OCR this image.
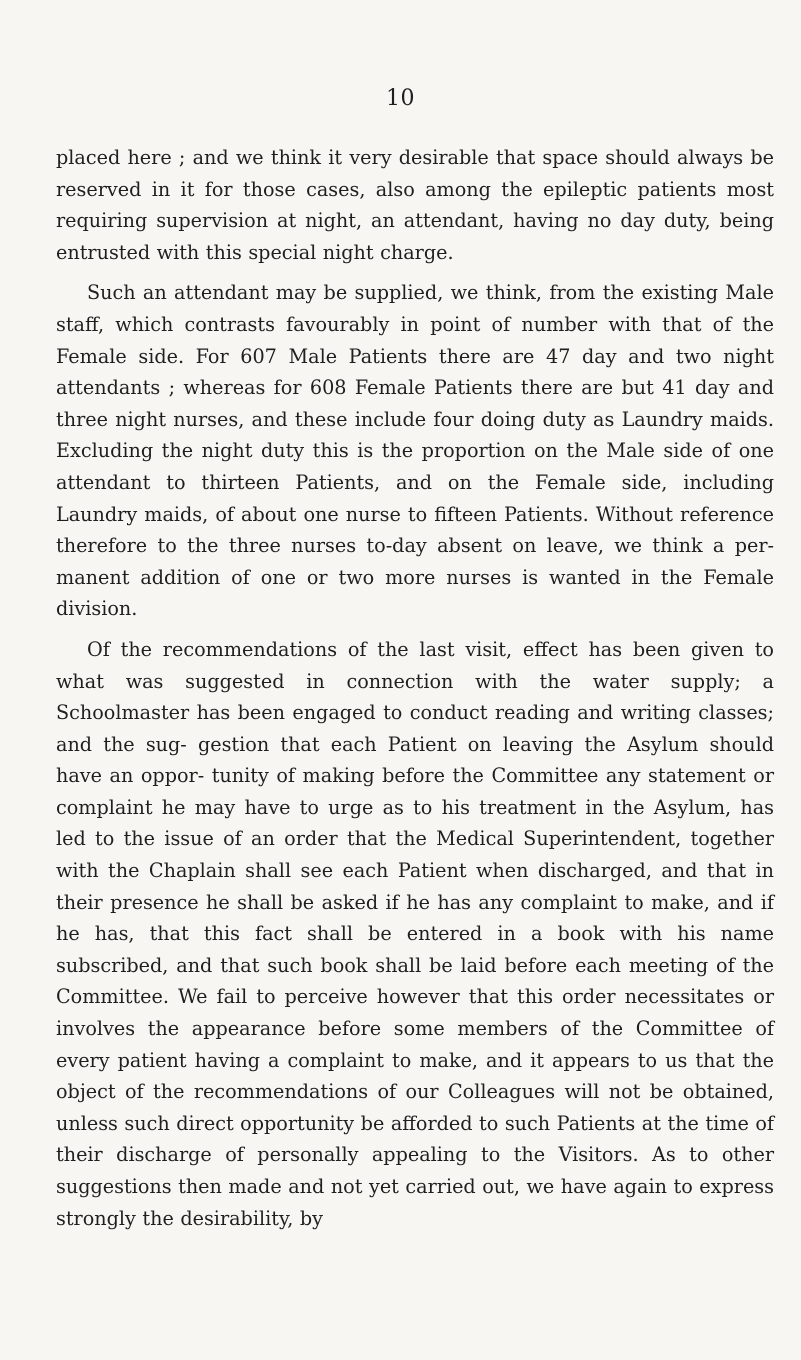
10

placed here ; and we think it very desirable that space should always be reserved in it for those cases, also among the epileptic patients most requiring supervision at night, an attendant, having no day duty, being entrusted with this special night charge.

Such an attendant may be supplied, we think, from the existing Male staff, which contrasts favourably in point of number with that of the Female side. For 607 Male Patients there are 47 day and two night attendants ; whereas for 608 Female Patients there are but 41 day and three night nurses, and these include four doing duty as Laundry maids. Excluding the night duty this is the proportion on the Male side of one attendant to thirteen Patients, and on the Female side, including Laundry maids, of about one nurse to fifteen Patients. Without reference therefore to the three nurses to-day absent on leave, we think a per- manent addition of one or two more nurses is wanted in the Female division.

Of the recommendations of the last visit, effect has been given to what was suggested in connection with the water supply; a Schoolmaster has been engaged to conduct reading and writing classes; and the sug- gestion that each Patient on leaving the Asylum should have an oppor- tunity of making before the Committee any statement or complaint he may have to urge as to his treatment in the Asylum, has led to the issue of an order that the Medical Superintendent, together with the Chaplain shall see each Patient when discharged, and that in their presence he shall be asked if he has any complaint to make, and if he has, that this fact shall be entered in a book with his name subscribed, and that such book shall be laid before each meeting of the Committee. We fail to perceive however that this order necessitates or involves the appearance before some members of the Committee of every patient having a complaint to make, and it appears to us that the object of the recommendations of our Colleagues will not be obtained, unless such direct opportunity be afforded to such Patients at the time of their discharge of personally appealing to the Visitors. As to other suggestions then made and not yet carried out, we have again to express strongly the desirability, by
